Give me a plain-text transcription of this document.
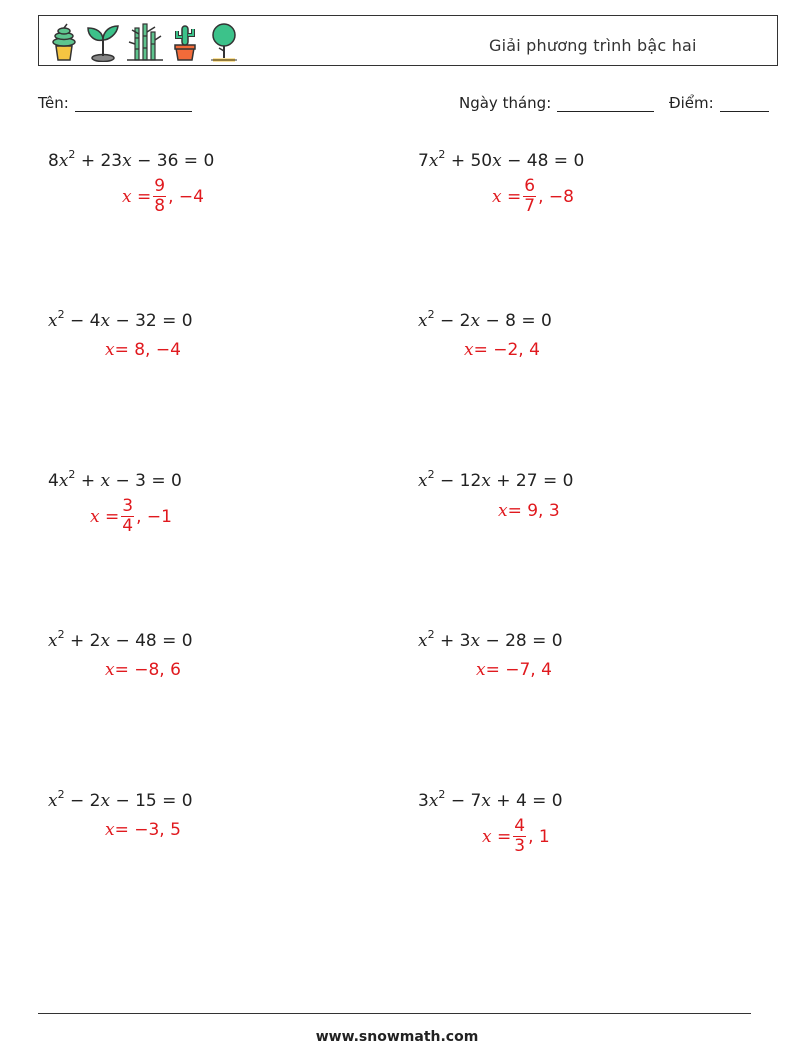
Giải phương trình bậc hai
Tên:	Ngày tháng:	Điểm:
$8x^2 + 23x - 36 = 0$
$x = \frac{9}{8}$ , −4
$7x^2 + 50x - 48 = 0$
$x = \frac{6}{7}$ , −8
$x^2 - 4x - 32 = 0$
x = 8, −4
$x^2 - 2x - 8 = 0$
x = −2, 4
$4x^2 + x - 3 = 0$
$x = \frac{3}{4}$ , −1
$x^2 - 12x + 27 = 0$
x = 9, 3
$x^2 + 2x - 48 = 0$
x = −8, 6
$x^2 + 3x - 28 = 0$
x = −7, 4
$x^2 - 2x - 15 = 0$
x = −3, 5
$3x^2 - 7x + 4 = 0$
$x = \frac{4}{3}$ , 1
www.snowmath.com
